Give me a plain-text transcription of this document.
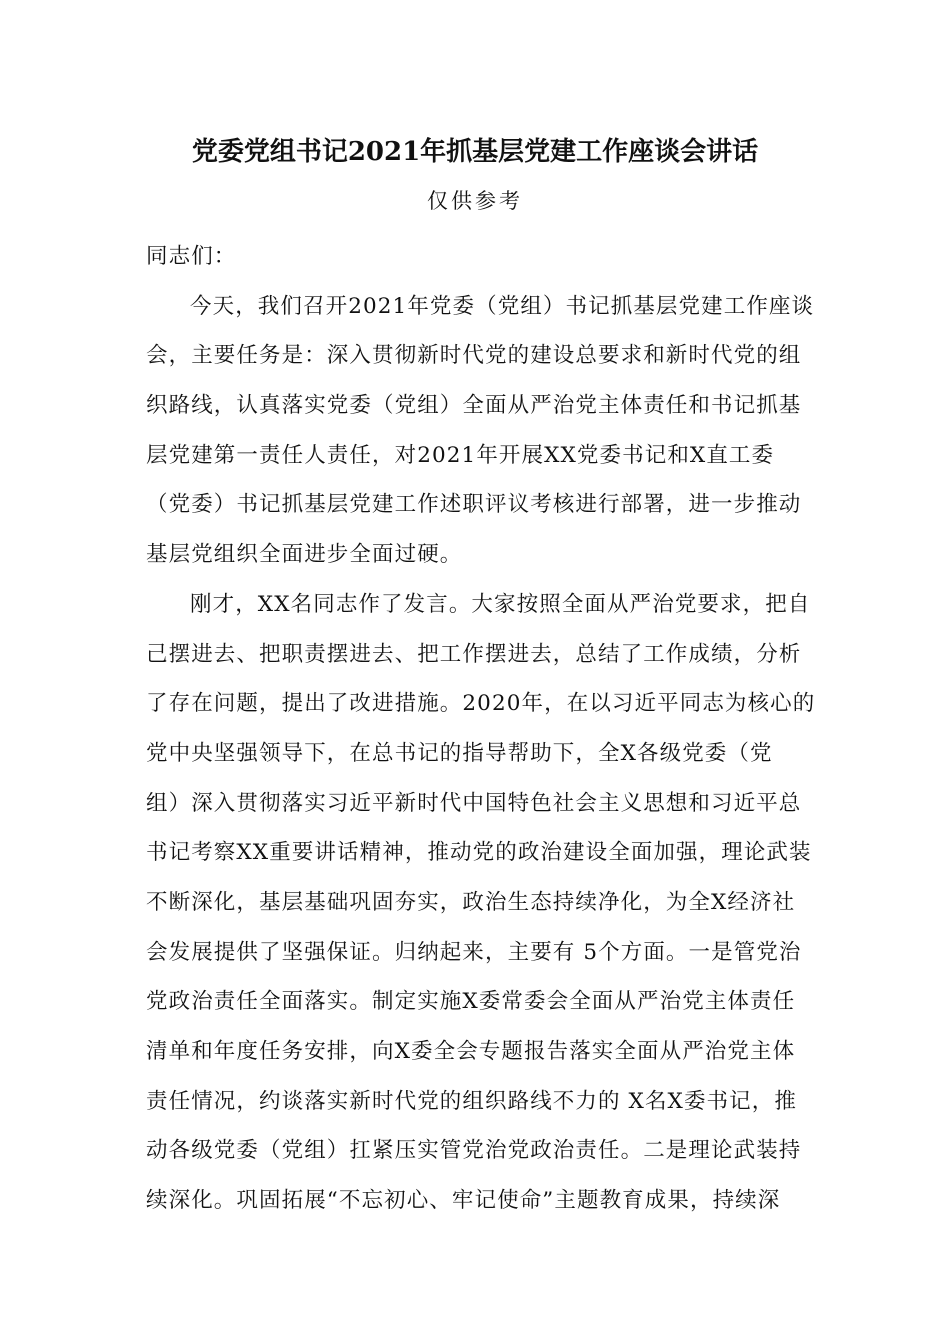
党委党组书记2021年抓基层党建工作座谈会讲话
仅供参考
同志们：
今天，我们召开2021年党委（党组）书记抓基层党建工作座谈
会，主要任务是：深入贯彻新时代党的建设总要求和新时代党的组
织路线，认真落实党委（党组）全面从严治党主体责任和书记抓基
层党建第一责任人责任，对2021年开展XX党委书记和X直工委
（党委）书记抓基层党建工作述职评议考核进行部署，进一步推动
基层党组织全面进步全面过硬。
刚才，XX名同志作了发言。大家按照全面从严治党要求，把自
己摆进去、把职责摆进去、把工作摆进去，总结了工作成绩，分析
了存在问题，提出了改进措施。2020年，在以习近平同志为核心的
党中央坚强领导下，在总书记的指导帮助下，全X各级党委（党
组）深入贯彻落实习近平新时代中国特色社会主义思想和习近平总
书记考察XX重要讲话精神，推动党的政治建设全面加强，理论武装
不断深化，基层基础巩固夯实，政治生态持续净化，为全X经济社
会发展提供了坚强保证。归纳起来，主要有 5个方面。一是管党治
党政治责任全面落实。制定实施X委常委会全面从严治党主体责任
清单和年度任务安排，向X委全会专题报告落实全面从严治党主体
责任情况，约谈落实新时代党的组织路线不力的 X名X委书记，推
动各级党委（党组）扛紧压实管党治党政治责任。二是理论武装持
续深化。巩固拓展“不忘初心、牢记使命”主题教育成果，持续深
